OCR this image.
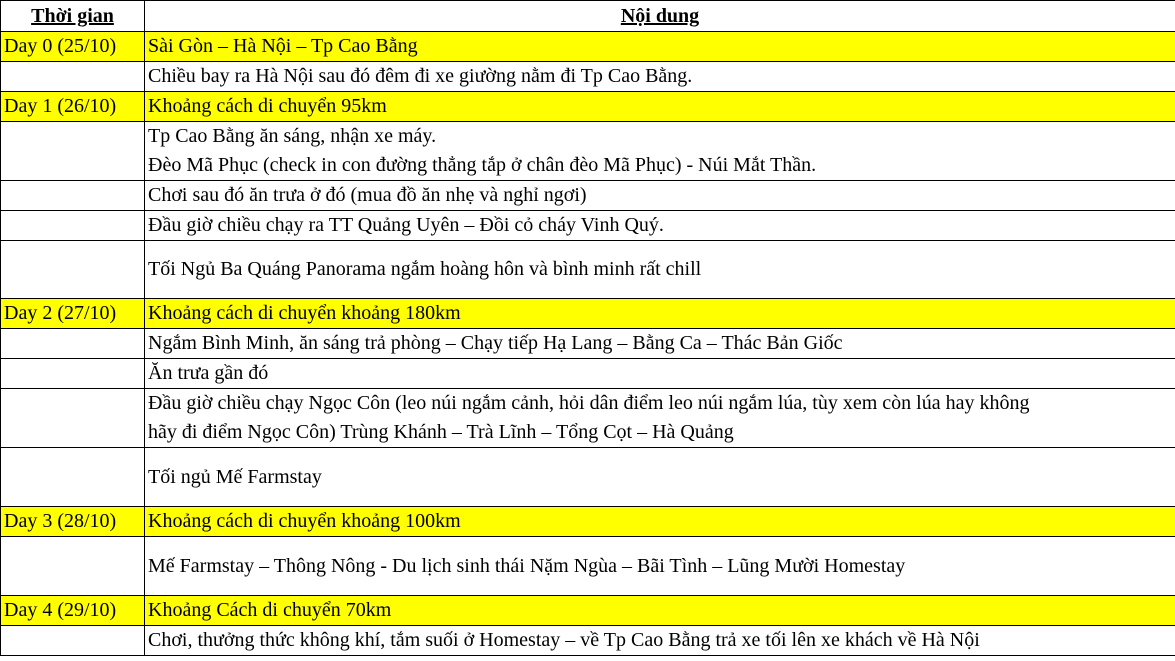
Thời gian	Nội dung
Day 0 (25/10)	Sài Gòn – Hà Nội – Tp Cao Bằng
	Chiều bay ra Hà Nội sau đó đêm đi xe giường nằm đi Tp Cao Bằng.
Day 1 (26/10)	Khoảng cách di chuyển 95km

	Tp Cao Bằng ăn sáng, nhận xe máy.
Đèo Mã Phục (check in con đường thẳng tắp ở chân đèo Mã Phục) - Núi Mắt Thần.

	Chơi sau đó ăn trưa ở đó (mua đồ ăn nhẹ và nghỉ ngơi)
	Đầu giờ chiều chạy ra TT Quảng Uyên – Đồi cỏ cháy Vinh Quý.
	Tối Ngủ Ba Quáng Panorama ngắm hoàng hôn và bình minh rất chill
Day 2 (27/10)	Khoảng cách di chuyển khoảng 180km
	Ngắm Bình Minh, ăn sáng trả phòng – Chạy tiếp Hạ Lang – Bằng Ca – Thác Bản Giốc
	Ăn trưa gần đó

	Đầu giờ chiều chạy Ngọc Côn (leo núi ngắm cảnh, hỏi dân điểm leo núi ngắm lúa, tùy xem còn lúa hay không
hãy đi điểm Ngọc Côn) Trùng Khánh – Trà Lĩnh – Tổng Cọt – Hà Quảng

	Tối ngủ Mế Farmstay
Day 3 (28/10)	Khoảng cách di chuyển khoảng 100km
	Mế Farmstay – Thông Nông - Du lịch sinh thái Nặm Ngùa – Bãi Tình – Lũng Mười Homestay
Day 4 (29/10)	Khoảng Cách di chuyển 70km
	Chơi, thưởng thức không khí, tắm suối ở Homestay – về Tp Cao Bằng trả xe tối lên xe khách về Hà Nội
